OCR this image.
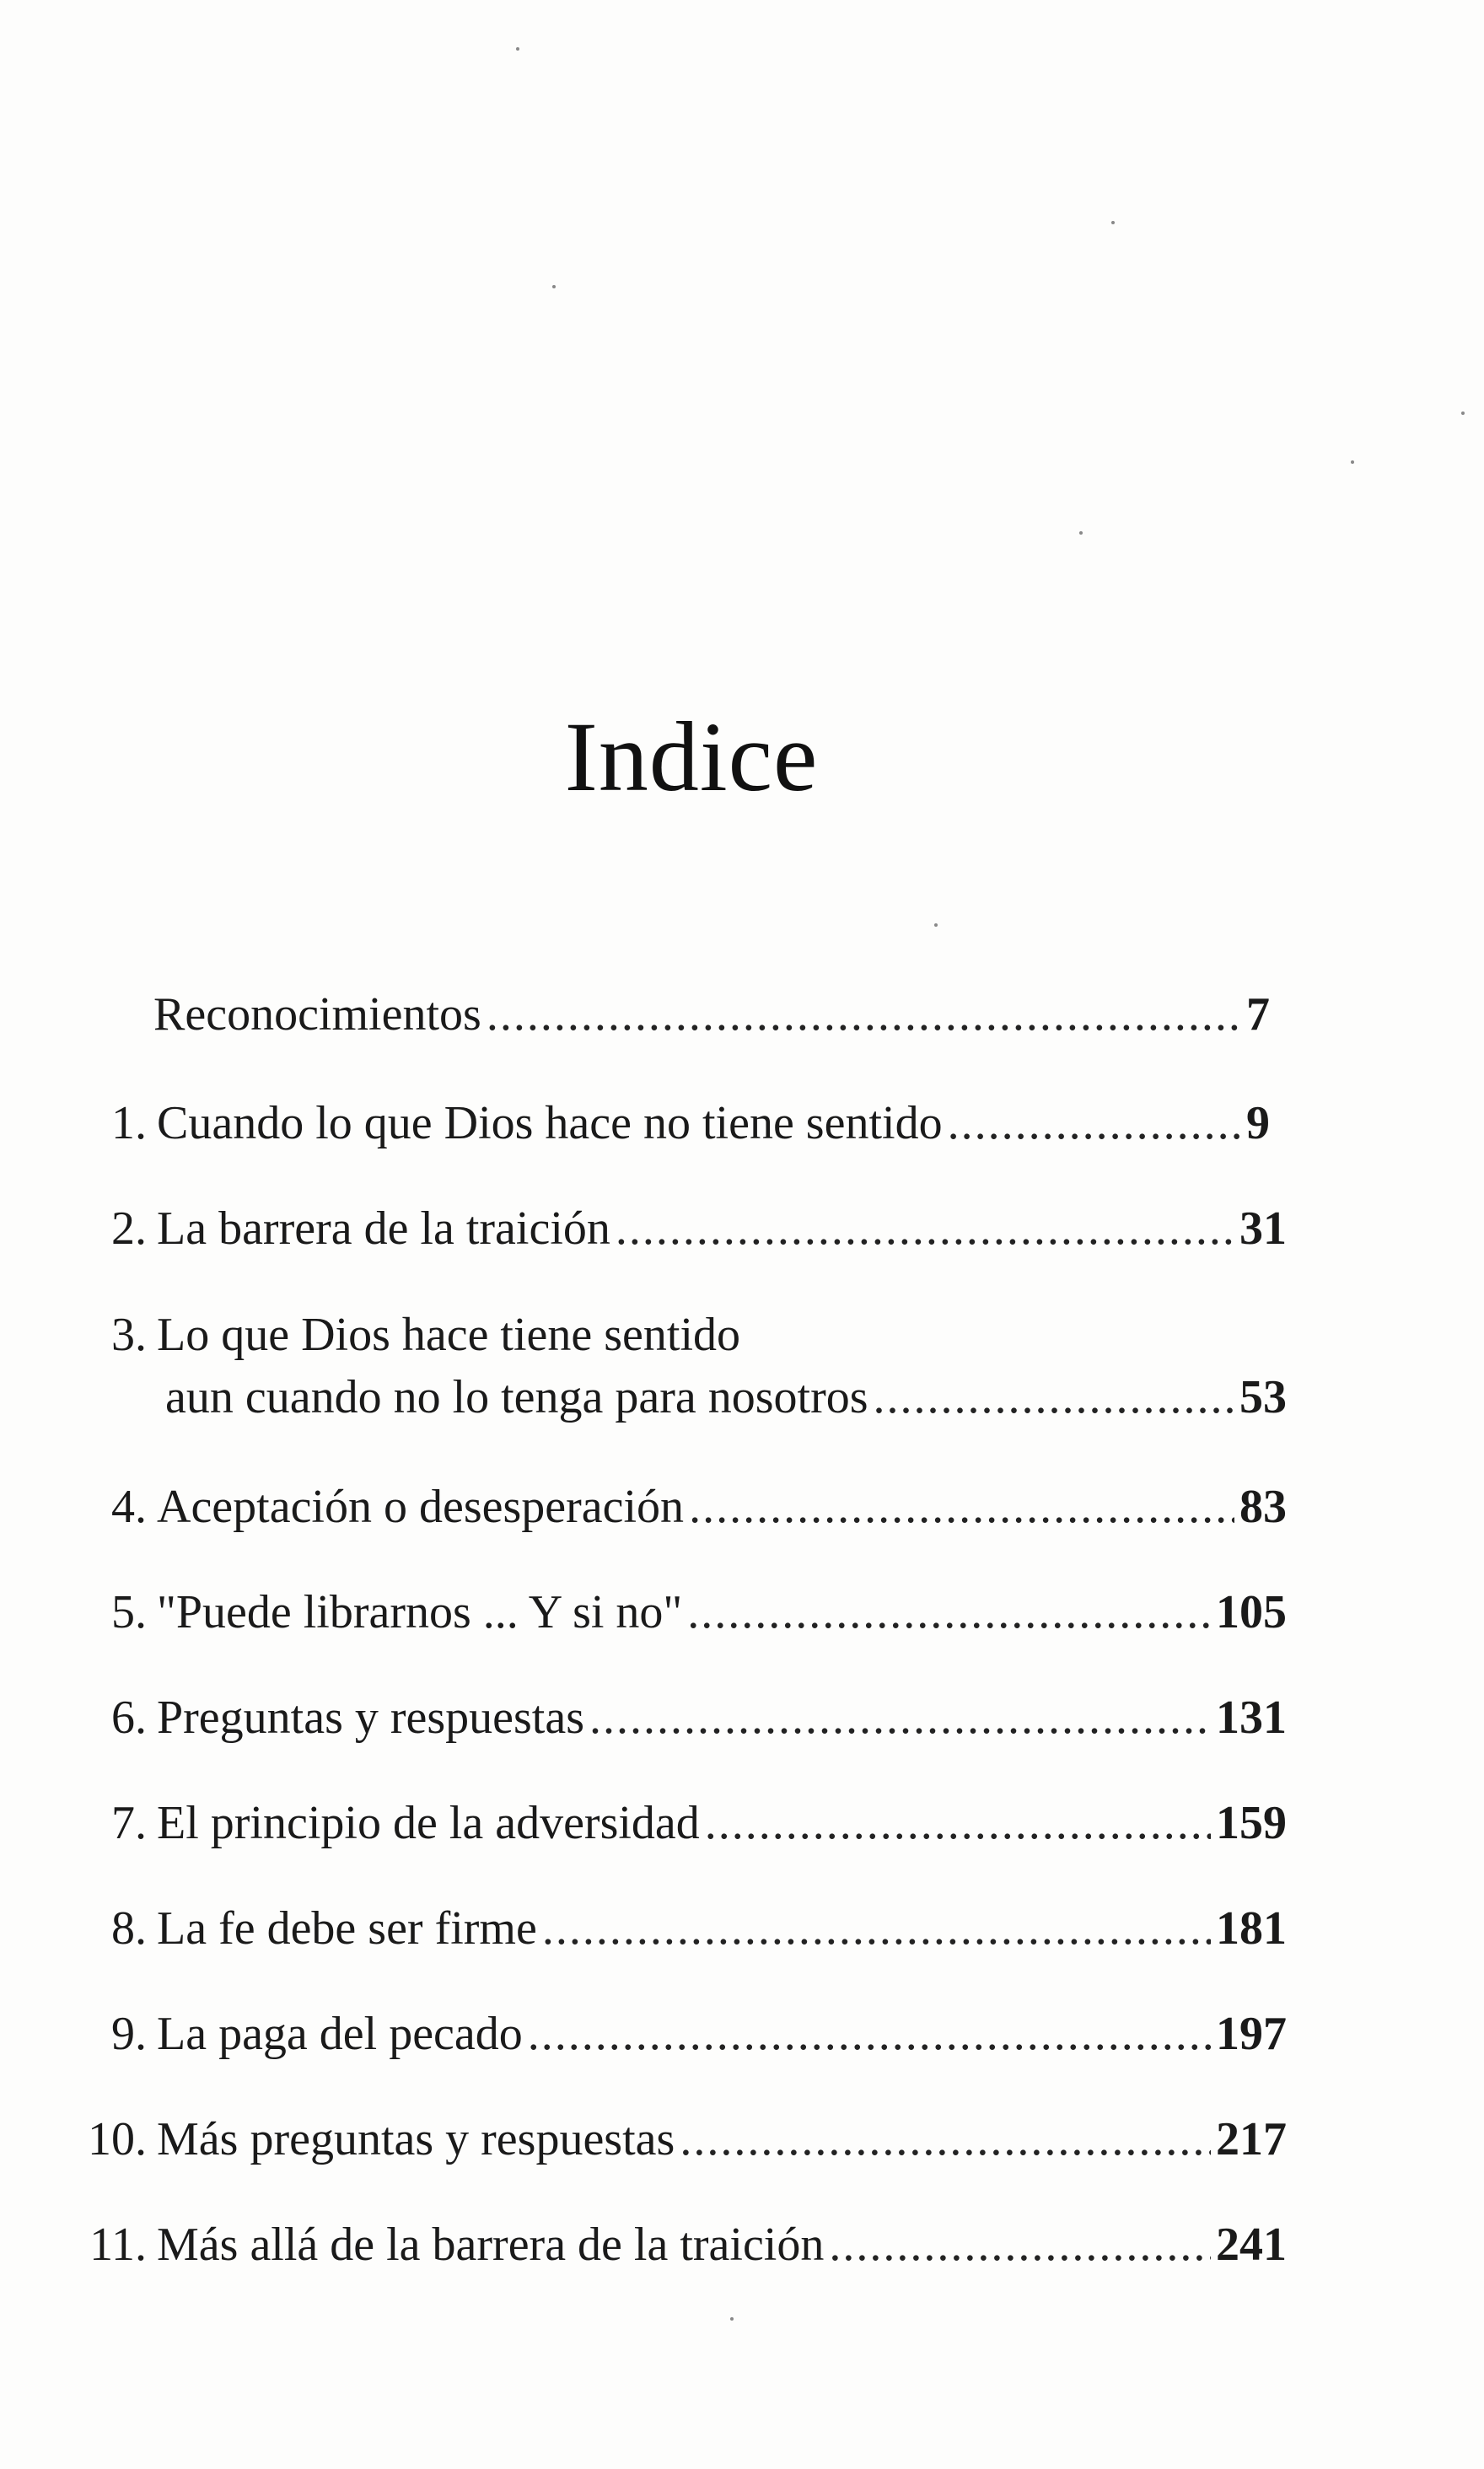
Indice
Reconocimientos .....	7
1. Cuando lo que Dios hace no tiene sentido .....	9
2. La barrera de la traición .....	31
3. Lo que Dios hace tiene sentido
aun cuando no lo tenga para nosotros .....	53
4. Aceptación o desesperación .....	83
5. "Puede librarnos ... Y si no" .....	105
6. Preguntas y respuestas .....	131
7. El principio de la adversidad .....	159
8. La fe debe ser firme .....	181
9. La paga del pecado .....	197
10. Más preguntas y respuestas .....	217
11. Más allá de la barrera de la traición .....	241
